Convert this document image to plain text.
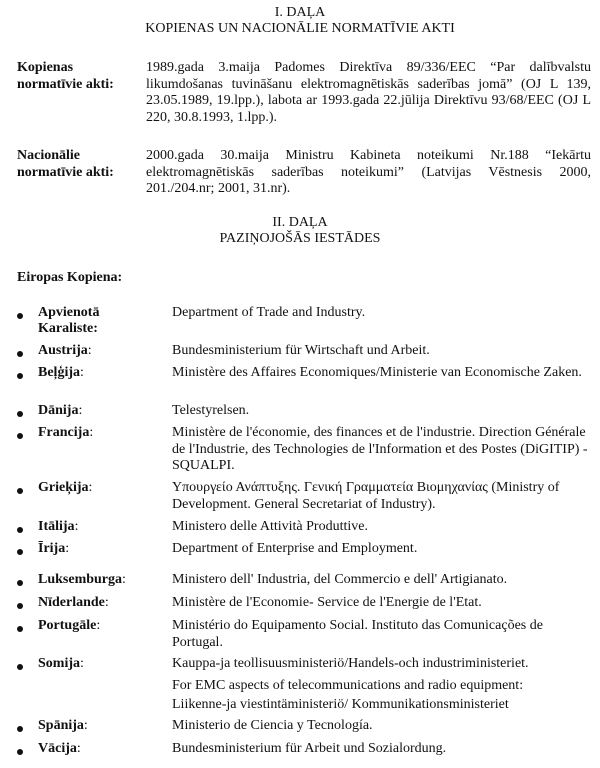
I. DAĻA
KOPIENAS UN NACIONĀLIE NORMATĪVIE AKTI
Kopienas
normatīvie akti:
1989.gada 3.maija Padomes Direktīva 89/336/EEC “Par dalībvalstu likumdošanas tuvināšanu elektromagnētiskās saderības jomā” (OJ L 139, 23.05.1989, 19.lpp.), labota ar 1993.gada 22.jūlija Direktīvu 93/68/EEC (OJ L 220, 30.8.1993, 1.lpp.).
Nacionālie
normatīvie akti:
2000.gada 30.maija Ministru Kabineta noteikumi Nr.188 “Iekārtu elektromagnētiskās saderības noteikumi” (Latvijas Vēstnesis 2000, 201./204.nr; 2001, 31.nr).
II. DAĻA
PAZIŅOJOŠĀS IESTĀDES
Eiropas Kopiena:
Apvienotā
Karaliste:
Department of Trade and Industry.
Austrija:	Bundesministerium für Wirtschaft und Arbeit.
Beļģija:	Ministère des Affaires Economiques/Ministerie van Economische Zaken.
Dānija:	Telestyrelsen.
Francija:	Ministère de l'économie, des finances et de l'industrie. Direction Générale de l'Industrie, des Technologies de l'Information et des Postes (DiGITIP) - SQUALPI.
Grieķija:	Υπουργείο Ανάπτυξης. Γενική Γραμματεία Βιομηχανίας (Ministry of Development. General Secretariat of Industry).
Itālija:	Ministero delle Attività Produttive.
Īrija:	Department of Enterprise and Employment.
Luksemburga:	Ministero dell' Industria, del Commercio e dell' Artigianato.
Nīderlande:	Ministère de l'Economie- Service de l'Energie de l'Etat.
Portugāle:	Ministério do Equipamento Social. Instituto das Comunicações de Portugal.
Somija:	Kauppa-ja teollisuusministeriö/Handels-och industriministeriet.
For EMC aspects of telecommunications and radio equipment:
Liikenne-ja viestintäministeriö/ Kommunikationsministeriet
Spānija:	Ministerio de Ciencia y Tecnología.
Vācija:	Bundesministerium für Arbeit und Sozialordung.
